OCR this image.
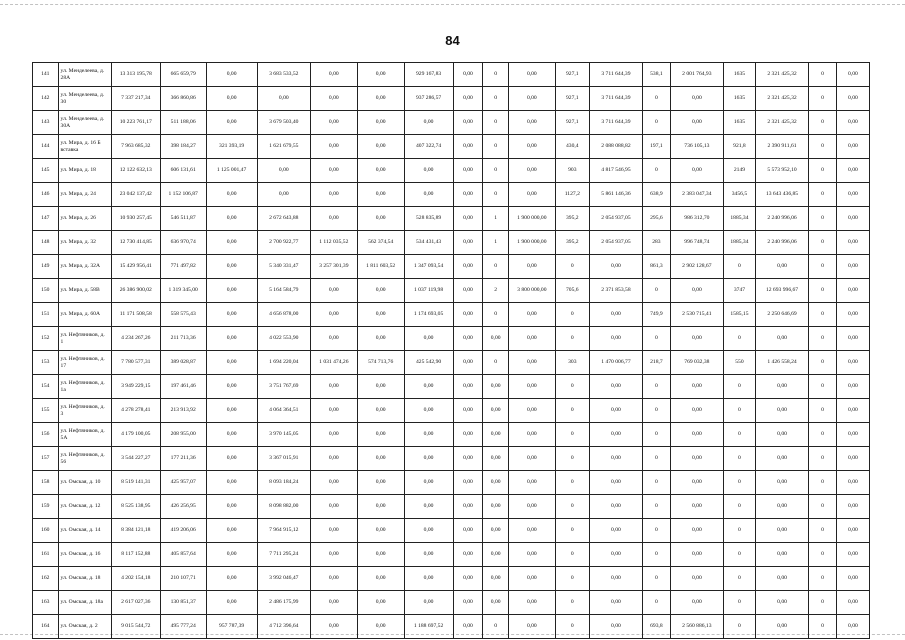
84
141	ул. Менделеева, д. 28А	13 313 195,78	665 659,79	0,00	3 683 533,52	0,00	0,00	929 167,83	0,00	0	0,00	927,1	3 711 644,39	538,1	2 001 764,93	1635	2 321 425,32	0	0,00
142	ул. Менделеева, д. 30	7 337 217,34	366 860,86	0,00	0,00	0,00	0,00	937 286,57	0,00	0	0,00	927,1	3 711 644,39	0	0,00	1635	2 321 425,32	0	0,00
143	ул. Менделеева, д. 30А	10 223 761,17	511 188,06	0,00	3 679 503,40	0,00	0,00	0,00	0,00	0	0,00	927,1	3 711 644,39	0	0,00	1635	2 321 425,32	0	0,00
144	ул. Мира, д. 16 Б вставка	7 963 685,32	398 184,27	321 393,19	1 621 679,55	0,00	0,00	407 322,74	0,00	0	0,00	430,4	2 088 088,82	197,1	736 105,13	921,8	2 390 911,61	0	0,00
145	ул. Мира, д. 18	12 122 632,13	606 131,61	1 125 001,47	0,00	0,00	0,00	0,00	0,00	0	0,00	903	4 817 546,95	0	0,00	2149	5 573 952,10	0	0,00
146	ул. Мира, д. 24	23 042 137,42	1 152 106,87	0,00	0,00	0,00	0,00	0,00	0,00	0	0,00	1127,2	5 861 146,36	638,9	2 383 047,34	3456,5	13 643 436,85	0	0,00
147	ул. Мира, д. 26	10 930 257,45	546 511,87	0,00	2 672 643,88	0,00	0,00	528 835,89	0,00	1	1 900 000,00	395,2	2 054 937,05	295,6	986 312,70	1885,34	2 240 996,06	0	0,00
148	ул. Мира, д. 32	12 730 414,85	636 970,74	0,00	2 700 922,77	1 112 035,52	562 374,54	534 431,43	0,00	1	1 900 000,00	395,2	2 054 937,05	283	996 748,74	1885,34	2 240 996,06	0	0,00
149	ул. Мира, д. 32А	15 429 956,41	771 497,82	0,00	5 340 331,47	3 257 301,39	1 811 603,52	1 347 093,54	0,00	0	0,00	0	0,00	861,3	2 902 128,67	0	0,00	0	0,00
150	ул. Мира, д. 58В	26 386 900,02	1 319 345,00	0,00	5 164 584,79	0,00	0,00	1 037 119,98	0,00	2	3 800 000,00	705,6	2 371 853,58	0	0,00	3747	12 693 996,67	0	0,00
151	ул. Мира, д. 60А	11 171 508,58	558 575,43	0,00	4 656 878,00	0,00	0,00	1 174 693,05	0,00	0	0,00	0	0,00	749,9	2 530 715,41	1585,15	2 250 646,69	0	0,00
152	ул. Нефтяников, д. 1	4 234 267,26	211 713,36	0,00	4 022 553,90	0,00	0,00	0,00	0,00	0,00	0,00	0	0,00	0	0,00	0	0,00	0	0,00
153	ул. Нефтяников, д. 17	7 780 577,31	389 028,87	0,00	1 694 220,04	1 031 474,26	574 713,76	425 542,90	0,00	0	0,00	303	1 470 006,77	218,7	769 032,38	550	1 426 558,24	0	0,00
154	ул. Нефтяников, д. 1а	3 949 229,15	197 461,46	0,00	3 751 767,69	0,00	0,00	0,00	0,00	0,00	0,00	0	0,00	0	0,00	0	0,00	0	0,00
155	ул. Нефтяников, д. 3	4 278 278,41	213 913,92	0,00	4 064 364,51	0,00	0,00	0,00	0,00	0,00	0,00	0	0,00	0	0,00	0	0,00	0	0,00
156	ул. Нефтяников, д. 5А	4 179 100,05	208 955,00	0,00	3 970 145,05	0,00	0,00	0,00	0,00	0,00	0,00	0	0,00	0	0,00	0	0,00	0	0,00
157	ул. Нефтяников, д. 56	3 544 227,27	177 211,36	0,00	3 367 015,91	0,00	0,00	0,00	0,00	0,00	0,00	0	0,00	0	0,00	0	0,00	0	0,00
158	ул. Омская, д. 10	8 519 141,31	425 957,07	0,00	8 093 184,24	0,00	0,00	0,00	0,00	0,00	0,00	0	0,00	0	0,00	0	0,00	0	0,00
159	ул. Омская, д. 12	8 525 138,95	426 256,95	0,00	8 098 882,00	0,00	0,00	0,00	0,00	0,00	0,00	0	0,00	0	0,00	0	0,00	0	0,00
160	ул. Омская, д. 14	8 384 121,18	419 206,06	0,00	7 964 915,12	0,00	0,00	0,00	0,00	0,00	0,00	0	0,00	0	0,00	0	0,00	0	0,00
161	ул. Омская, д. 16	8 117 152,88	405 857,64	0,00	7 711 295,24	0,00	0,00	0,00	0,00	0,00	0,00	0	0,00	0	0,00	0	0,00	0	0,00
162	ул. Омская, д. 18	4 202 154,18	210 107,71	0,00	3 992 046,47	0,00	0,00	0,00	0,00	0,00	0,00	0	0,00	0	0,00	0	0,00	0	0,00
163	ул. Омская, д. 18а	2 617 027,36	130 851,37	0,00	2 486 175,99	0,00	0,00	0,00	0,00	0,00	0,00	0	0,00	0	0,00	0	0,00	0	0,00
164	ул. Омская, д. 2	9 015 544,72	495 777,24	957 787,39	4 712 396,64	0,00	0,00	1 188 697,52	0,00	0	0,00	0	0,00	693,8	2 560 886,13	0	0,00	0	0,00
